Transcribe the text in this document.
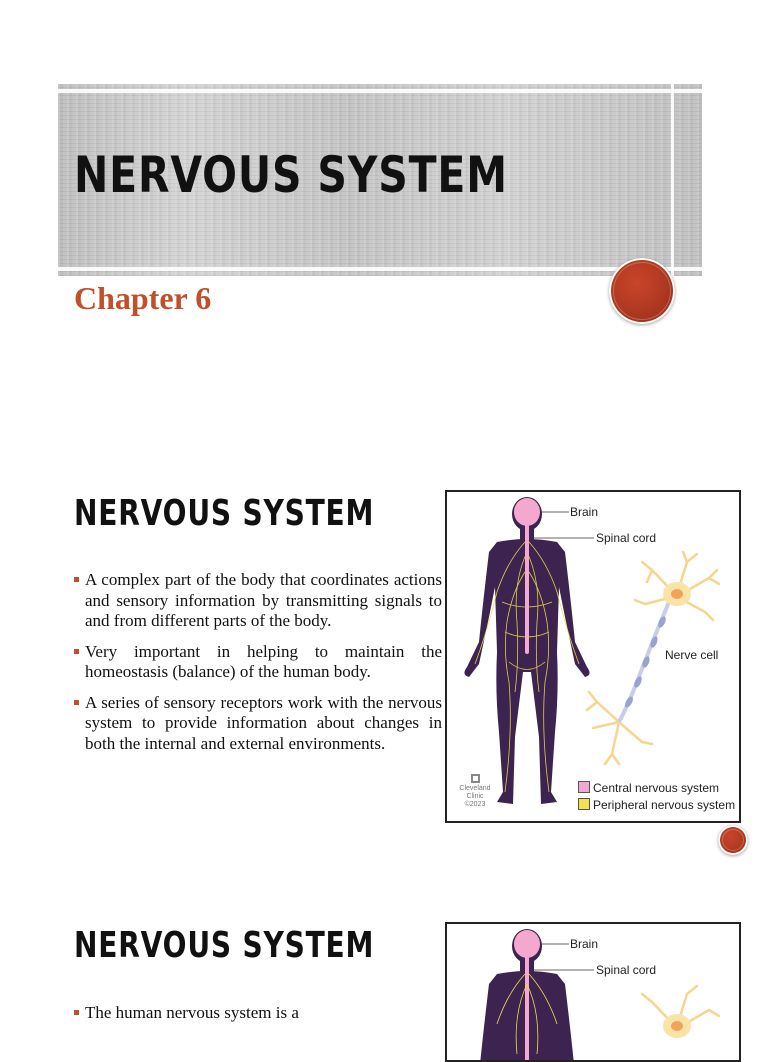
NERVOUS SYSTEM
Chapter 6
NERVOUS SYSTEM
A complex part of the body that coordinates actions and sensory information by transmitting signals to and from different parts of the body.
Very important in helping to maintain the homeostasis (balance) of the human body.
A series of sensory receptors work with the nervous system to provide information about changes in both the internal and external environments.
Brain
Spinal cord
Nerve cell
Central nervous system
Peripheral nervous system
Cleveland
Clinic
©2023
NERVOUS SYSTEM
The human nervous system is a
Brain
Spinal cord
